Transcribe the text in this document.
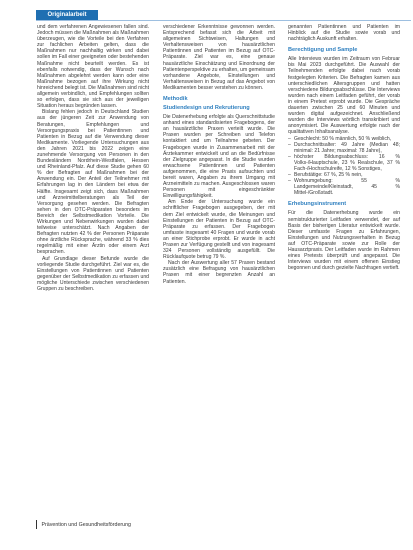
Originalarbeit

und dem verfahrenen Angewiesenen fallen sind. Jedoch müssen die Maßnahmen als Maßnahmen überzeugen, wie die Vorteile bei den Verfahren zur fachlichen Arbeiten gelten, dass die Maßnahmen nur nachhaltig wirken und dabei sollen im Fall einer geeigneten oder bestehenden Maßnahme nicht beurteilt werden. Es ist ebenfalls notwendig, dass der Wunsch nach Maßnahmen abgelehnt werden kann oder eine Maßnahme bezogen auf ihre Wirkung nicht hinreichend belegt ist. Die Maßnahmen sind nicht allgemein verbindlich, und Empfehlungen sollten so erfolgen, dass sie sich aus der jeweiligen Situation heraus begründen lassen.

Bislang fehlen jedoch in Deutschland Studien aus der jüngeren Zeit zur Anwendung von Beratungen, Empfehlungen und Versorgungspraxis bei Patientinnen und Patienten in Bezug auf die Verwendung dieser Medikamente. Vorliegende Untersuchungen aus den Jahren 2021 bis 2022 zeigen eine zunehmende Versorgung von Personen in den Bundesländern Nordrhein-Westfalen, Hessen und Rheinland-Pfalz. Auf diese Studie gehen 60 % der Befragten auf Maßnahmen bei der Anwendung ein. Der Anteil der Teilnehmer mit Erfahrungen lag in den Ländern bei etwa der Hälfte. Insgesamt zeigt sich, dass Maßnahmen und Arzneimittelberatungen als Teil der Versorgung gesehen werden. Die Befragten sehen in den OTC-Präparaten besonders im Bereich der Selbstmedikation Vorteile. Die Wirkungen und Nebenwirkungen wurden dabei teilweise unterschätzt. Nach Angaben der Befragten nutzten 42 % der Personen Präparate ohne ärztliche Rücksprache, während 33 % dies regelmäßig mit einer Ärztin oder einem Arzt besprachen.

Auf Grundlage dieser Befunde wurde die vorliegende Studie durchgeführt. Ziel war es, die Einstellungen von Patientinnen und Patienten gegenüber der Selbstmedikation zu erfassen und mögliche Unterschiede zwischen verschiedenen Gruppen zu beschreiben.

verschiedener Erkenntnisse gewonnen werden. Entsprechend befasst sich die Arbeit mit allgemeinen Sichtweisen, Haltungen und Verhaltensweisen von hausärztlichen Patientinnen und Patienten im Bezug auf OTC-Präparate. Ziel war es, eine genaue hausärztliche Einschätzung und Einordnung der Patientenperspektive zu erhalten, um gemeinsam vorhandene Angebote, Einstellungen und Verhaltensweisen in Bezug auf das Angebot von Medikamenten besser verstehen zu können.

Methodik
Studiendesign und Rekrutierung

Die Datenerhebung erfolgte als Querschnittstudie anhand eines standardisierten Fragebogens, der an hausärztliche Praxen verteilt wurde. Die Praxen wurden per Schreiben und Telefon kontaktiert und um Teilnahme gebeten. Der Fragebogen wurde in Zusammenarbeit mit der Ärztekammer entwickelt und an die Bedürfnisse der Zielgruppe angepasst. In die Studie wurden erwachsene Patientinnen und Patienten aufgenommen, die eine Praxis aufsuchten und bereit waren, Angaben zu ihrem Umgang mit Arzneimitteln zu machen. Ausgeschlossen waren Personen mit eingeschränkter Einwilligungsfähigkeit.

Am Ende der Untersuchung wurde ein schriftlicher Fragebogen ausgegeben, der mit dem Ziel entwickelt wurde, die Meinungen und Einstellungen der Patienten in Bezug auf OTC-Präparate zu erfassen. Der Fragebogen umfasste insgesamt 40 Fragen und wurde vorab an einer Stichprobe erprobt. Er wurde in acht Praxen zur Verfügung gestellt und von insgesamt 324 Personen vollständig ausgefüllt. Die Rücklaufquote betrug 79 %.

Nach der Auswertung aller 57 Praxen bestand zusätzlich eine Befragung von hausärztlichen Praxen mit einer begrenzten Anzahl an Patienten.

genannten Patientinnen und Patienten im Hinblick auf die Studie sowie vorab und nachträglich Auskunft erhalten.

Berechtigung und Sample

Alle Interviews wurden im Zeitraum von Februar bis Mai 2023 durchgeführt. Die Auswahl der Teilnehmenden erfolgte dabei nach vorab festgelegten Kriterien. Die Befragten kamen aus unterschiedlichen Altersgruppen und hatten verschiedene Bildungsabschlüsse. Die Interviews wurden nach einem Leitfaden geführt, der vorab in einem Pretest erprobt wurde. Die Gespräche dauerten zwischen 25 und 60 Minuten und wurden digital aufgezeichnet. Anschließend wurden die Interviews wörtlich transkribiert und anonymisiert. Die Auswertung erfolgte nach der qualitativen Inhaltsanalyse.

– Geschlecht: 50 % männlich, 50 % weiblich,
– Durchschnittsalter: 49 Jahre (Median 48; minimal: 21 Jahre; maximal: 78 Jahre),
– höchster Bildungsabschluss: 16 % Volks-/Hauptschule, 23 % Realschule, 37 % Fach-/Hochschulreife, 12 % Sonstiges,
– Berufstätige: 67 %, 25 % nein,
– Wohnumgebung: 55 % Landgemeinde/Kleinstadt, 45 % Mittel-/Großstadt.
Erhebungsinstrument

Für die Datenerhebung wurde ein semistrukturierter Leitfaden verwendet, der auf Basis der bisherigen Literatur entwickelt wurde. Dieser umfasste Fragen zu Erfahrungen, Einstellungen und Nutzungsverhalten in Bezug auf OTC-Präparate sowie zur Rolle der Hausarztpraxis. Der Leitfaden wurde im Rahmen eines Pretests überprüft und angepasst. Die Interviews wurden mit einem offenen Einstieg begonnen und durch gezielte Nachfragen vertieft.

Prävention und Gesundheitsförderung
